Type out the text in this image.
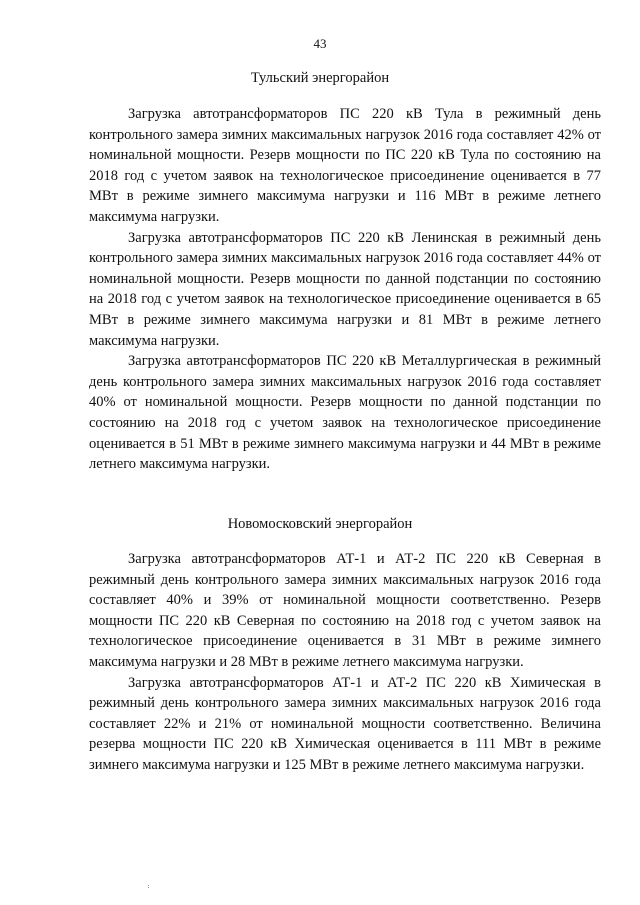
43
Тульский энергорайон

Загрузка автотрансформаторов ПС 220 кВ Тула в режимный день контрольного замера зимних максимальных нагрузок 2016 года составляет 42% от номинальной мощности. Резерв мощности по ПС 220 кВ Тула по состоянию на 2018 год с учетом заявок на технологическое присоединение оценивается в 77 МВт в режиме зимнего максимума нагрузки и 116 МВт в режиме летнего максимума нагрузки.

Загрузка автотрансформаторов ПС 220 кВ Ленинская в режимный день контрольного замера зимних максимальных нагрузок 2016 года составляет 44% от номинальной мощности. Резерв мощности по данной подстанции по состоянию на 2018 год с учетом заявок на технологическое присоединение оценивается в 65 МВт в режиме зимнего максимума нагрузки и 81 МВт в режиме летнего максимума нагрузки.

Загрузка автотрансформаторов ПС 220 кВ Металлургическая в режимный день контрольного замера зимних максимальных нагрузок 2016 года составляет 40% от номинальной мощности. Резерв мощности по данной подстанции по состоянию на 2018 год с учетом заявок на технологическое присоединение оценивается в 51 МВт в режиме зимнего максимума нагрузки и 44 МВт в режиме летнего максимума нагрузки.

Новомосковский энергорайон

Загрузка автотрансформаторов АТ-1 и АТ-2 ПС 220 кВ Северная в режимный день контрольного замера зимних максимальных нагрузок 2016 года составляет 40% и 39% от номинальной мощности соответственно. Резерв мощности ПС 220 кВ Северная по состоянию на 2018 год с учетом заявок на технологическое присоединение оценивается в 31 МВт в режиме зимнего максимума нагрузки и 28 МВт в режиме летнего максимума нагрузки.

Загрузка автотрансформаторов АТ-1 и АТ-2 ПС 220 кВ Химическая в режимный день контрольного замера зимних максимальных нагрузок 2016 года составляет 22% и 21% от номинальной мощности соответственно. Величина резерва мощности ПС 220 кВ Химическая оценивается в 111 МВт в режиме зимнего максимума нагрузки и 125 МВт в режиме летнего максимума нагрузки.
